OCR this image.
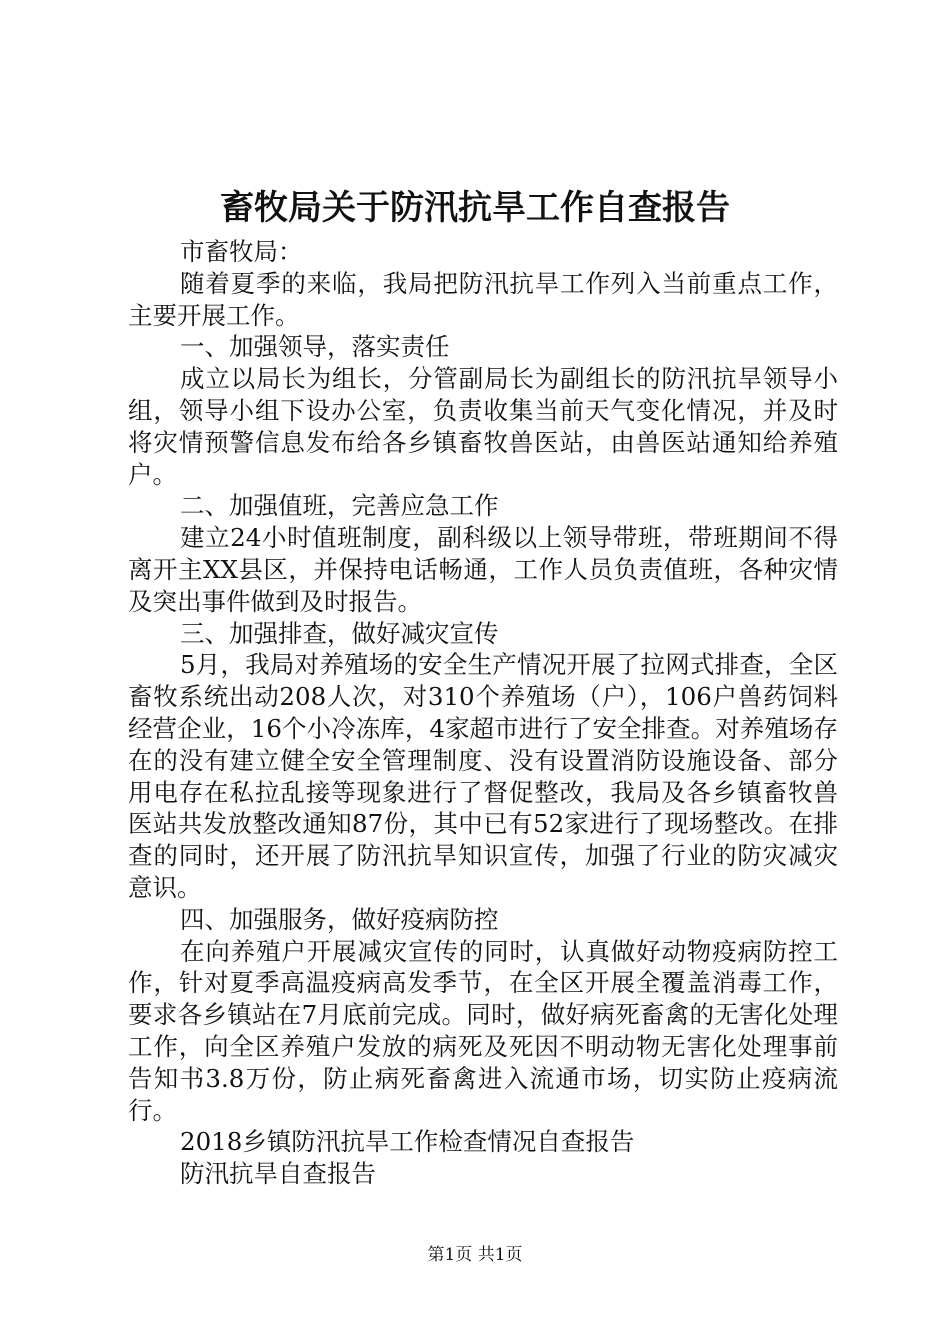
畜牧局关于防汛抗旱工作自查报告

市畜牧局：

随着夏季的来临，我局把防汛抗旱工作列入当前重点工作，主要开展工作。

一、加强领导，落实责任

成立以局长为组长，分管副局长为副组长的防汛抗旱领导小组，领导小组下设办公室，负责收集当前天气变化情况，并及时将灾情预警信息发布给各乡镇畜牧兽医站，由兽医站通知给养殖户。

二、加强值班，完善应急工作

建立24小时值班制度，副科级以上领导带班，带班期间不得离开主XX县区，并保持电话畅通，工作人员负责值班，各种灾情及突出事件做到及时报告。

三、加强排查，做好减灾宣传

5月，我局对养殖场的安全生产情况开展了拉网式排查，全区畜牧系统出动208人次，对310个养殖场（户），106户兽药饲料经营企业，16个小冷冻库，4家超市进行了安全排查。对养殖场存在的没有建立健全安全管理制度、没有设置消防设施设备、部分用电存在私拉乱接等现象进行了督促整改，我局及各乡镇畜牧兽医站共发放整改通知87份，其中已有52家进行了现场整改。在排查的同时，还开展了防汛抗旱知识宣传，加强了行业的防灾减灾意识。

四、加强服务，做好疫病防控

在向养殖户开展减灾宣传的同时，认真做好动物疫病防控工作，针对夏季高温疫病高发季节，在全区开展全覆盖消毒工作，要求各乡镇站在7月底前完成。同时，做好病死畜禽的无害化处理工作，向全区养殖户发放的病死及死因不明动物无害化处理事前告知书3.8万份，防止病死畜禽进入流通市场，切实防止疫病流行。

2018乡镇防汛抗旱工作检查情况自查报告

防汛抗旱自查报告

第1页 共1页
